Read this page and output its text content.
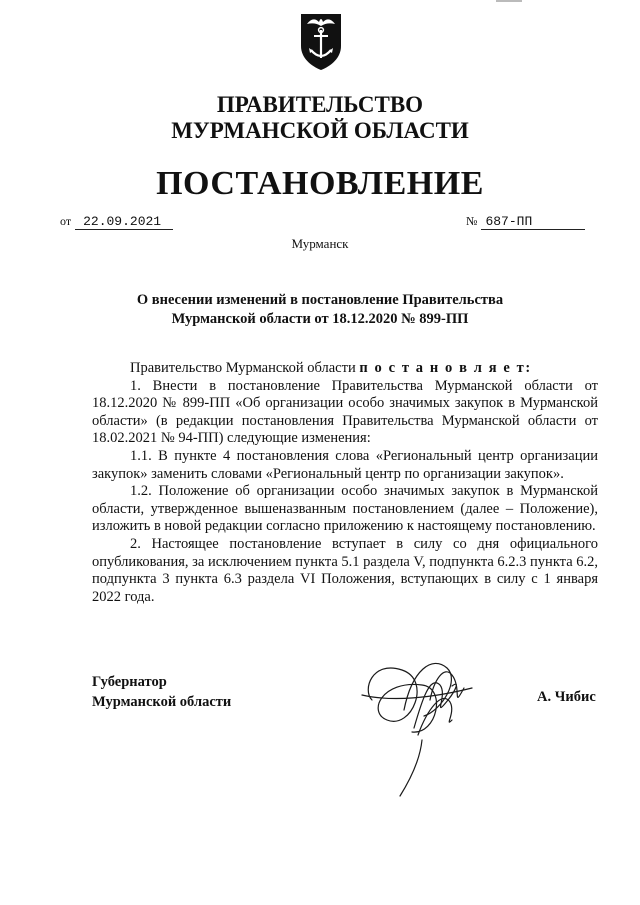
ПРАВИТЕЛЬСТВО
МУРМАНСКОЙ ОБЛАСТИ
ПОСТАНОВЛЕНИЕ
от 22.09.2021	№ 687-ПП
Мурманск
О внесении изменений в постановление Правительства
Мурманской области от 18.12.2020 № 899-ПП

Правительство Мурманской области п о с т а н о в л я е т:

1. Внести в постановление Правительства Мурманской области от 18.12.2020 № 899-ПП «Об организации особо значимых закупок в Мурманской области» (в редакции постановления Правительства Мурманской области от 18.02.2021 № 94-ПП) следующие изменения:

1.1. В пункте 4 постановления слова «Региональный центр организации закупок» заменить словами «Региональный центр по организации закупок».

1.2. Положение об организации особо значимых закупок в Мурманской области, утвержденное вышеназванным постановлением (далее – Положение), изложить в новой редакции согласно приложению к настоящему постановлению.

2. Настоящее постановление вступает в силу со дня официального опубликования, за исключением пункта 5.1 раздела V, подпункта 6.2.3 пункта 6.2, подпункта 3 пункта 6.3 раздела VI Положения, вступающих в силу с 1 января 2022 года.

Губернатор
Мурманской области	А. Чибис
